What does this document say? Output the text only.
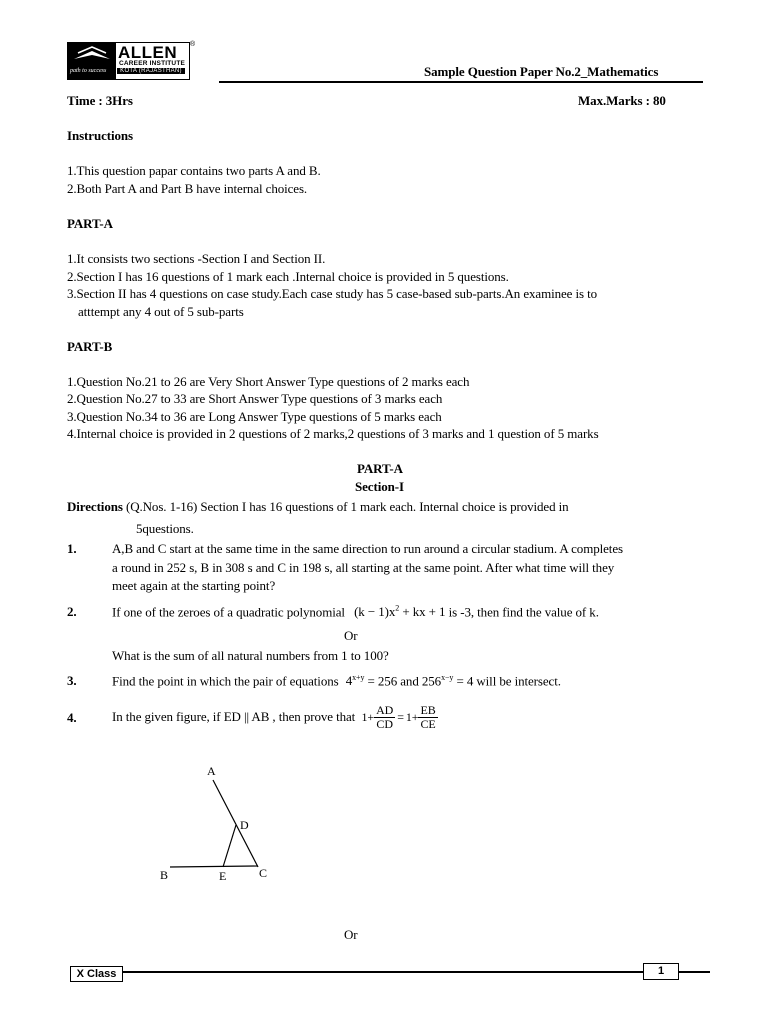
path to success
ALLEN
CAREER INSTITUTE
KOTA (RAJASTHAN)
®
Sample Question Paper No.2_Mathematics
Time : 3Hrs	Max.Marks : 80
Instructions
1.This question papar contains two parts A and B.
2.Both Part A and Part B have internal choices.
PART-A
1.It consists two sections -Section I and Section II.
2.Section I has 16 questions of 1 mark each .Internal choice is provided in 5 questions.
3.Section II has 4 questions on case study.Each case study has 5 case-based sub-parts.An examinee is to
atttempt any 4 out of 5 sub-parts
PART-B
1.Question No.21 to 26 are Very Short Answer Type questions of 2 marks each
2.Question No.27 to 33 are Short Answer Type questions of 3 marks each
3.Question No.34 to 36 are Long Answer Type questions of 5 marks each
4.Internal choice is provided in 2 questions of 2 marks,2 questions of 3 marks and 1 question of 5 marks
PART-A
Section-I
Directions (Q.Nos. 1-16) Section I has 16 questions of 1 mark each. Internal choice is provided in
5questions.
1.	A,B and C start at the same time in the same direction to run around a circular stadium. A completes
a round in 252 s, B in 308 s and C in 198 s, all starting at the same point. After what time will they
meet again at the starting point?
2.	If one of the zeroes of a quadratic polynomial $(k - 1)x^2$ + kx + 1 is -3, then find the value of k.
Or
What is the sum of all natural numbers from 1 to 100?
3.	Find the point in which the pair of equations $4^{x+y} = 256$ and $256^{x-y} = 4$ will be intersect.
4.	In the given figure, if
ED || AB
, then prove that
$1+ \frac{AD}{CD} = 1+ \frac{EB}{CE}$
A
D
B	E	C
Or
X Class	1
